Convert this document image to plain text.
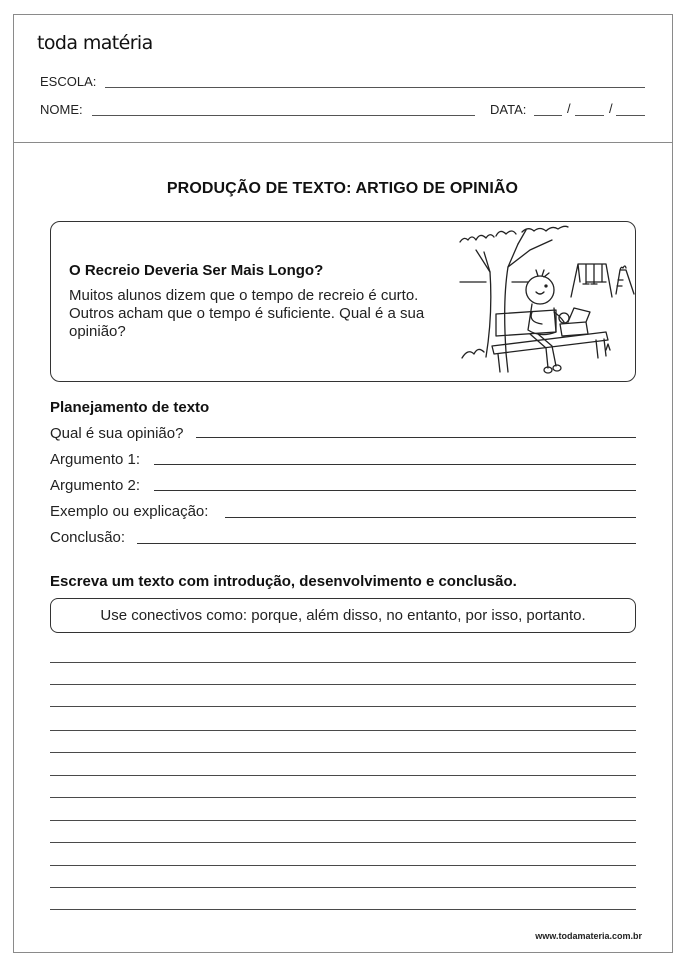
toda matéria
ESCOLA:
NOME:	DATA:	/	/
PRODUÇÃO DE TEXTO: ARTIGO DE OPINIÃO
O Recreio Deveria Ser Mais Longo?
Muitos alunos dizem que o tempo de recreio é curto. Outros acham que o tempo é suficiente. Qual é a sua opinião?
Planejamento de texto
Qual é sua opinião?
Argumento 1:
Argumento 2:
Exemplo ou explicação:
Conclusão:
Escreva um texto com introdução, desenvolvimento e conclusão.
Use conectivos como: porque, além disso, no entanto, por isso, portanto.
www.todamateria.com.br
